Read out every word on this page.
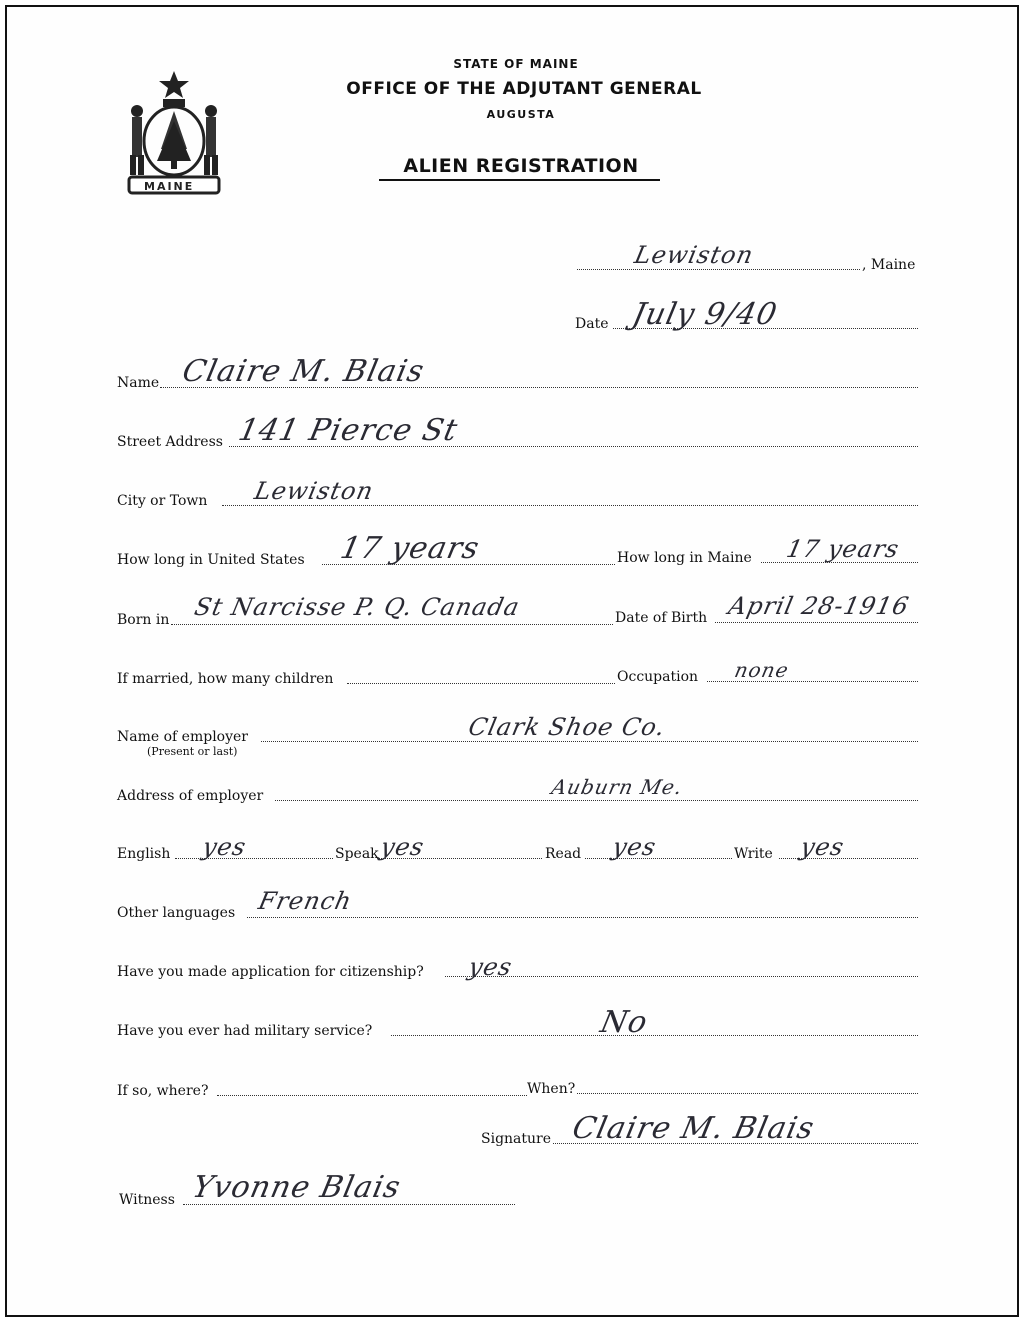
MAINE
STATE OF MAINE
OFFICE OF THE ADJUTANT GENERAL
AUGUSTA
ALIEN REGISTRATION
Lewiston	, Maine
Date July 9/40
Name Claire M. Blais
Street Address 141 Pierce St
City or Town Lewiston
How long in United States 17 years	How long in Maine 17 years
Born in St Narcisse P. Q. Canada	Date of Birth April 28-1916
If married, how many children	Occupation none
Name of employer
(Present or last)
Clark Shoe Co.
Address of employer	Auburn Me.
English yes	Speak yes	Read yes	Write yes
Other languages French
Have you made application for citizenship? yes
Have you ever had military service?	No
If so, where?	When?
Signature Claire M. Blais
Witness Yvonne Blais
